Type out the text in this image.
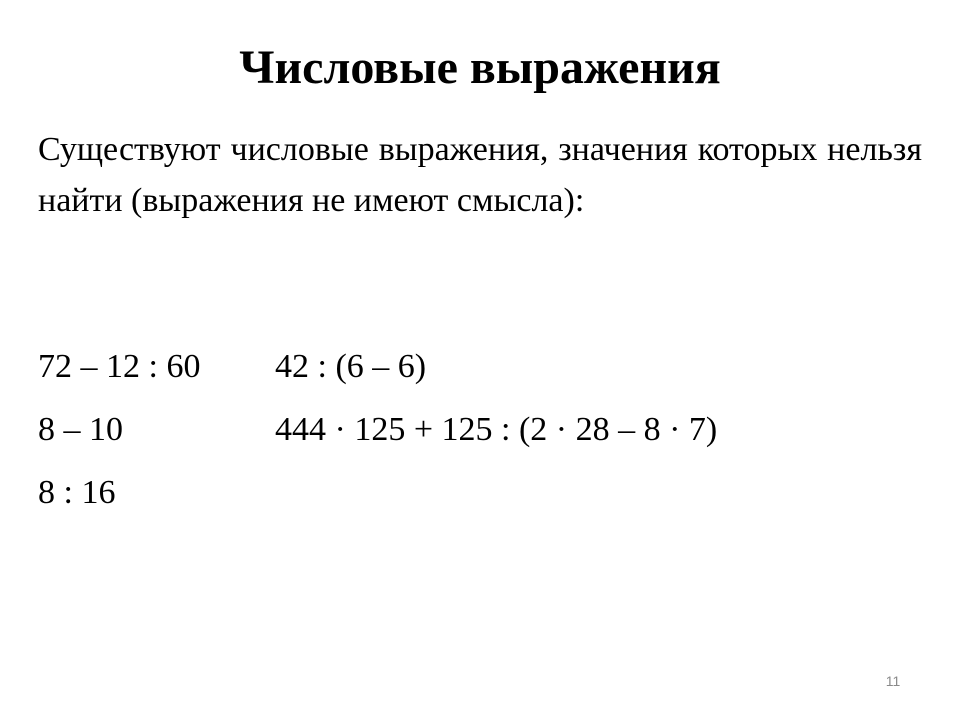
Числовые выражения

Существуют числовые выражения, значения которых нельзя найти (выражения не имеют смысла):

72 – 12 : 60	42 : (6 – 6)
8 – 10	444 · 125 + 125 : (2 · 28 – 8 · 7)
8 : 16
11
